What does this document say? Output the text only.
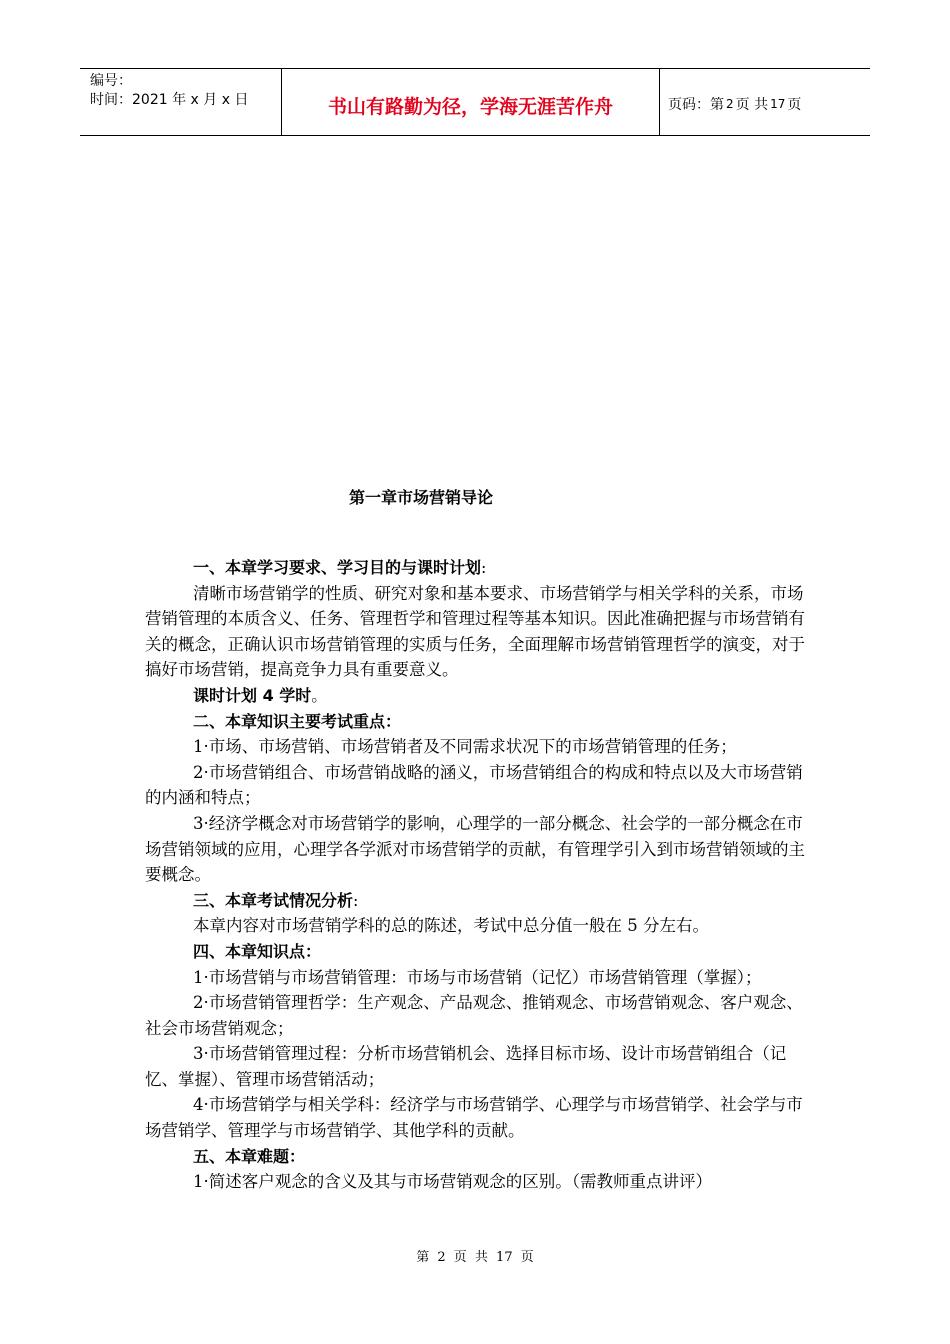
编号：
时间：2021 年 x 月 x 日	书山有路勤为径，学海无涯苦作舟	页码：第 2 页 共 17 页
第一章市场营销导论

一、本章学习要求、学习目的与课时计划:

清晰市场营销学的性质、研究对象和基本要求、市场营销学与相关学科的关系，市场营销管理的本质含义、任务、管理哲学和管理过程等基本知识。因此准确把握与市场营销有关的概念，正确认识市场营销管理的实质与任务，全面理解市场营销管理哲学的演变，对于搞好市场营销，提高竞争力具有重要意义。

课时计划 4 学时。

二、本章知识主要考试重点：

1·市场、市场营销、市场营销者及不同需求状况下的市场营销管理的任务；

2·市场营销组合、市场营销战略的涵义，市场营销组合的构成和特点以及大市场营销的内涵和特点；

3·经济学概念对市场营销学的影响，心理学的一部分概念、社会学的一部分概念在市场营销领域的应用，心理学各学派对市场营销学的贡献，有管理学引入到市场营销领域的主要概念。

三、本章考试情况分析:

本章内容对市场营销学科的总的陈述，考试中总分值一般在 5 分左右。

四、本章知识点：

1·市场营销与市场营销管理：市场与市场营销（记忆）市场营销管理（掌握）；

2·市场营销管理哲学：生产观念、产品观念、推销观念、市场营销观念、客户观念、社会市场营销观念；

3·市场营销管理过程：分析市场营销机会、选择目标市场、设计市场营销组合（记忆、掌握）、管理市场营销活动；

4·市场营销学与相关学科：经济学与市场营销学、心理学与市场营销学、社会学与市场营销学、管理学与市场营销学、其他学科的贡献。

五、本章难题：

1·简述客户观念的含义及其与市场营销观念的区别。（需教师重点讲评）

第 2 页 共 17 页
